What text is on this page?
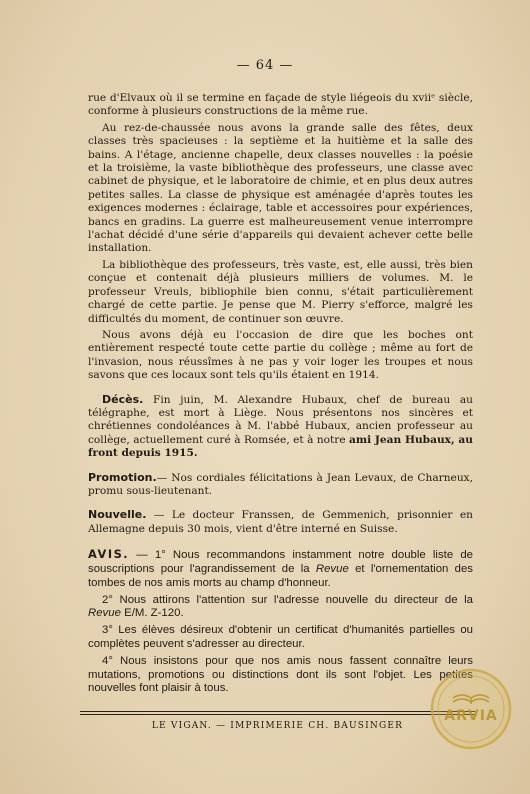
— 64 —

rue d'Elvaux où il se termine en façade de style liégeois du xviiᵉ siècle, conforme à plusieurs constructions de la même rue.

Au rez-de-chaussée nous avons la grande salle des fêtes, deux classes très spacieuses : la septième et la huitième et la salle des bains. A l'étage, ancienne chapelle, deux classes nouvelles : la poésie et la troisième, la vaste bibliothèque des professeurs, une classe avec cabinet de physique, et le laboratoire de chimie, et en plus deux autres petites salles. La classe de physique est aménagée d'après toutes les exigences modernes : éclairage, table et accessoires pour expériences, bancs en gradins. La guerre est malheureusement venue interrompre l'achat décidé d'une série d'appareils qui devaient achever cette belle installation.

La bibliothèque des professeurs, très vaste, est, elle aussi, très bien conçue et contenait déjà plusieurs milliers de volumes. M. le professeur Vreuls, bibliophile bien connu, s'était particulièrement chargé de cette partie. Je pense que M. Pierry s'efforce, malgré les difficultés du moment, de continuer son œuvre.

Nous avons déjà eu l'occasion de dire que les boches ont entièrement respecté toute cette partie du collège ; même au fort de l'invasion, nous réussîmes à ne pas y voir loger les troupes et nous savons que ces locaux sont tels qu'ils étaient en 1914.

Décès. Fin juin, M. Alexandre Hubaux, chef de bureau au télégraphe, est mort à Liège. Nous présentons nos sincères et chrétiennes condoléances à M. l'abbé Hubaux, ancien professeur au collège, actuellement curé à Romsée, et à notre ami Jean Hubaux, au front depuis 1915.

Promotion.— Nos cordiales félicitations à Jean Levaux, de Charneux, promu sous-lieutenant.

Nouvelle. — Le docteur Franssen, de Gemmenich, prisonnier en Allemagne depuis 30 mois, vient d'être interné en Suisse.

AVIS. — 1° Nous recommandons instamment notre double liste de souscriptions pour l'agrandissement de la Revue et l'ornementation des tombes de nos amis morts au champ d'honneur.

2° Nous attirons l'attention sur l'adresse nouvelle du directeur de la Revue E/M. Z-120.

3° Les élèves désireux d'obtenir un certificat d'humanités partielles ou complètes peuvent s'adresser au directeur.

4° Nous insistons pour que nos amis nous fassent connaître leurs mutations, promotions ou distinctions dont ils sont l'objet. Les petites nouvelles font plaisir à tous.

LE VIGAN. — IMPRIMERIE CH. BAUSINGER
ARVIA
